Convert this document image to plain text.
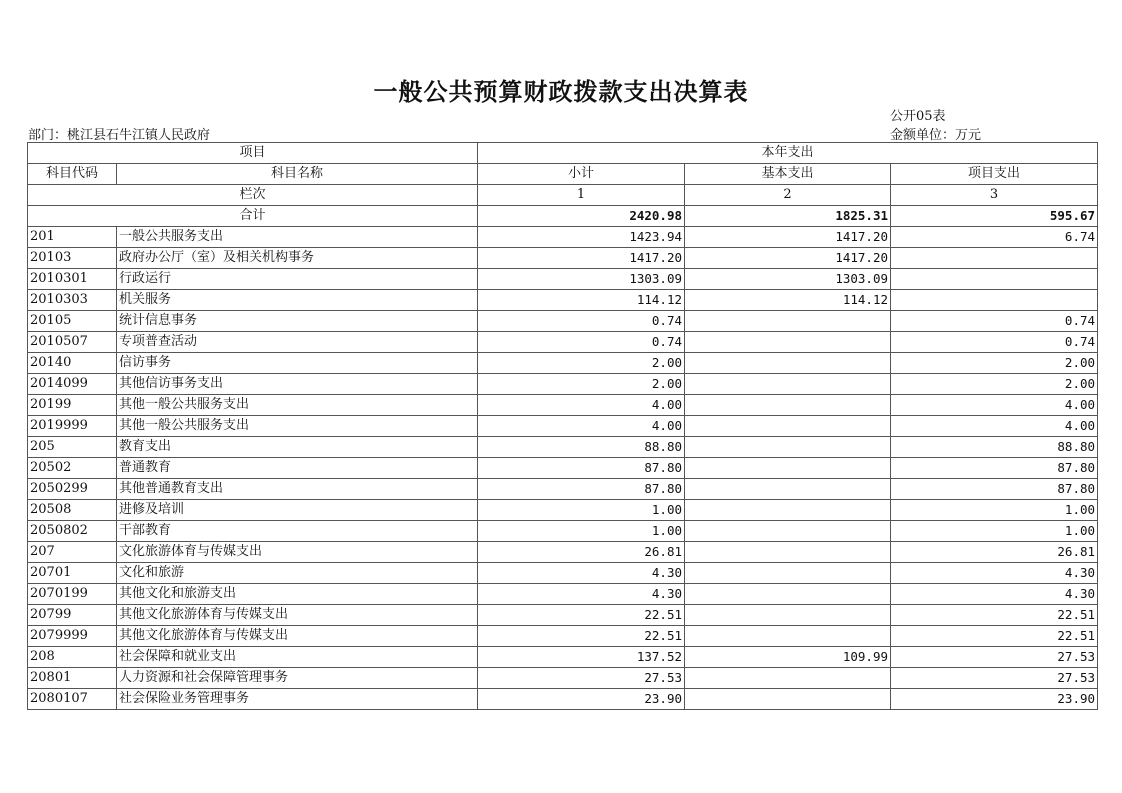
一般公共预算财政拨款支出决算表
公开05表
部门：桃江县石牛江镇人民政府	金额单位：万元
项目		本年支出		
科目代码	科目名称	小计	基本支出	项目支出
栏次		1	2	3
合计		2420.98	1825.31	595.67
201	一般公共服务支出	1423.94	1417.20	6.74
20103	政府办公厅（室）及相关机构事务	1417.20	1417.20	
2010301	行政运行	1303.09	1303.09	
2010303	机关服务	114.12	114.12	
20105	统计信息事务	0.74		0.74
2010507	专项普查活动	0.74		0.74
20140	信访事务	2.00		2.00
2014099	其他信访事务支出	2.00		2.00
20199	其他一般公共服务支出	4.00		4.00
2019999	其他一般公共服务支出	4.00		4.00
205	教育支出	88.80		88.80
20502	普通教育	87.80		87.80
2050299	其他普通教育支出	87.80		87.80
20508	进修及培训	1.00		1.00
2050802	干部教育	1.00		1.00
207	文化旅游体育与传媒支出	26.81		26.81
20701	文化和旅游	4.30		4.30
2070199	其他文化和旅游支出	4.30		4.30
20799	其他文化旅游体育与传媒支出	22.51		22.51
2079999	其他文化旅游体育与传媒支出	22.51		22.51
208	社会保障和就业支出	137.52	109.99	27.53
20801	人力资源和社会保障管理事务	27.53		27.53
2080107	社会保险业务管理事务	23.90		23.90
